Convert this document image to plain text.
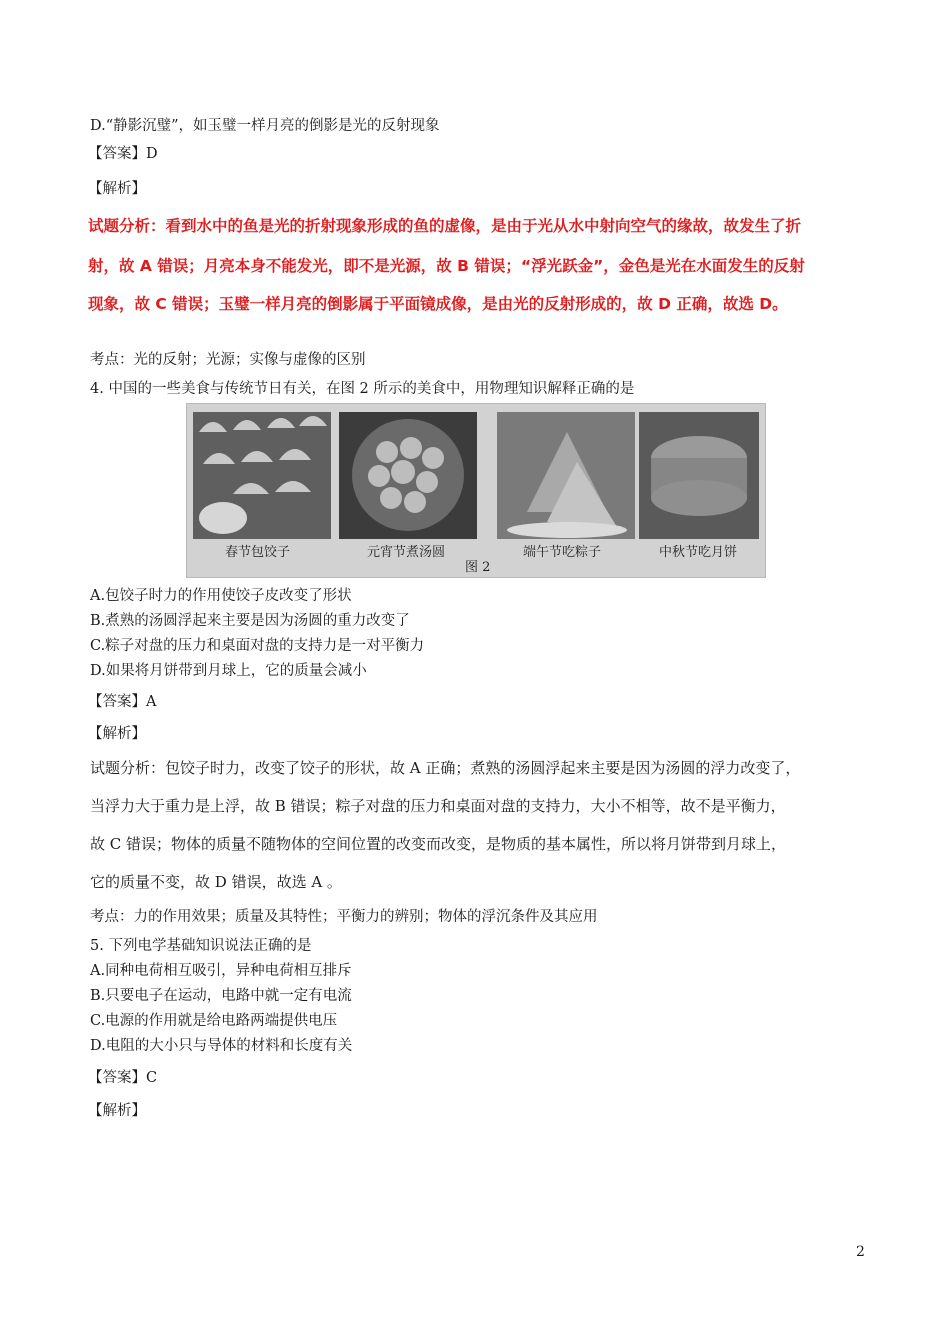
D.“静影沉璧”，如玉璧一样月亮的倒影是光的反射现象
【答案】D
【解析】
试题分析：看到水中的鱼是光的折射现象形成的鱼的虚像，是由于光从水中射向空气的缘故，故发生了折
射，故 A 错误；月亮本身不能发光，即不是光源，故 B 错误；“浮光跃金”，金色是光在水面发生的反射
现象，故 C 错误；玉璧一样月亮的倒影属于平面镜成像，是由光的反射形成的，故 D 正确，故选 D。
考点：光的反射；光源；实像与虚像的区别
4. 中国的一些美食与传统节日有关，在图 2 所示的美食中，用物理知识解释正确的是
春节包饺子	元宵节煮汤圆	端午节吃粽子	中秋节吃月饼
图 2
A.包饺子时力的作用使饺子皮改变了形状
B.煮熟的汤圆浮起来主要是因为汤圆的重力改变了
C.粽子对盘的压力和桌面对盘的支持力是一对平衡力
D.如果将月饼带到月球上，它的质量会减小
【答案】A
【解析】
试题分析：包饺子时力，改变了饺子的形状，故 A 正确；煮熟的汤圆浮起来主要是因为汤圆的浮力改变了，
当浮力大于重力是上浮，故 B 错误；粽子对盘的压力和桌面对盘的支持力，大小不相等，故不是平衡力，
故 C 错误；物体的质量不随物体的空间位置的改变而改变，是物质的基本属性，所以将月饼带到月球上，
它的质量不变，故 D 错误，故选 A 。
考点：力的作用效果；质量及其特性；平衡力的辨别；物体的浮沉条件及其应用
5. 下列电学基础知识说法正确的是
A.同种电荷相互吸引，异种电荷相互排斥
B.只要电子在运动，电路中就一定有电流
C.电源的作用就是给电路两端提供电压
D.电阻的大小只与导体的材料和长度有关
【答案】C
【解析】
2
